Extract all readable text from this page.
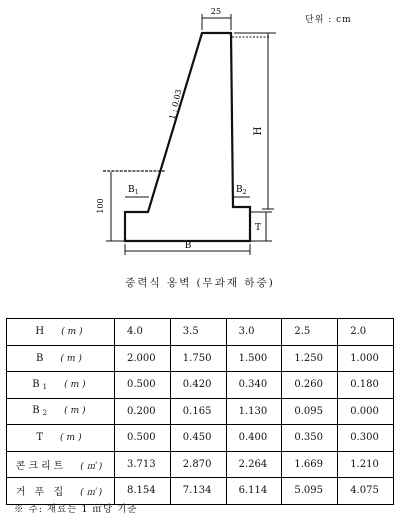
단위 : cm
25
1 : 0.03
H
100
$B_1$	$B_2$
B
T
중력식 옹벽 (무과재 하중)
H (m)	4.0	3.5	3.0	2.5	2.0
B (m)	2.000	1.750	1.500	1.250	1.000
$B_1$ (m)	0.500	0.420	0.340	0.260	0.180
$B_2$ (m)	0.200	0.165	1.130	0.095	0.000
T (m)	0.500	0.450	0.400	0.350	0.300
콘크리트 (㎥)	3.713	2.870	2.264	1.669	1.210
거 푸 집 (㎡)	8.154	7.134	6.114	5.095	4.075
※ 주: 재료는 1 ㎡당 기준
